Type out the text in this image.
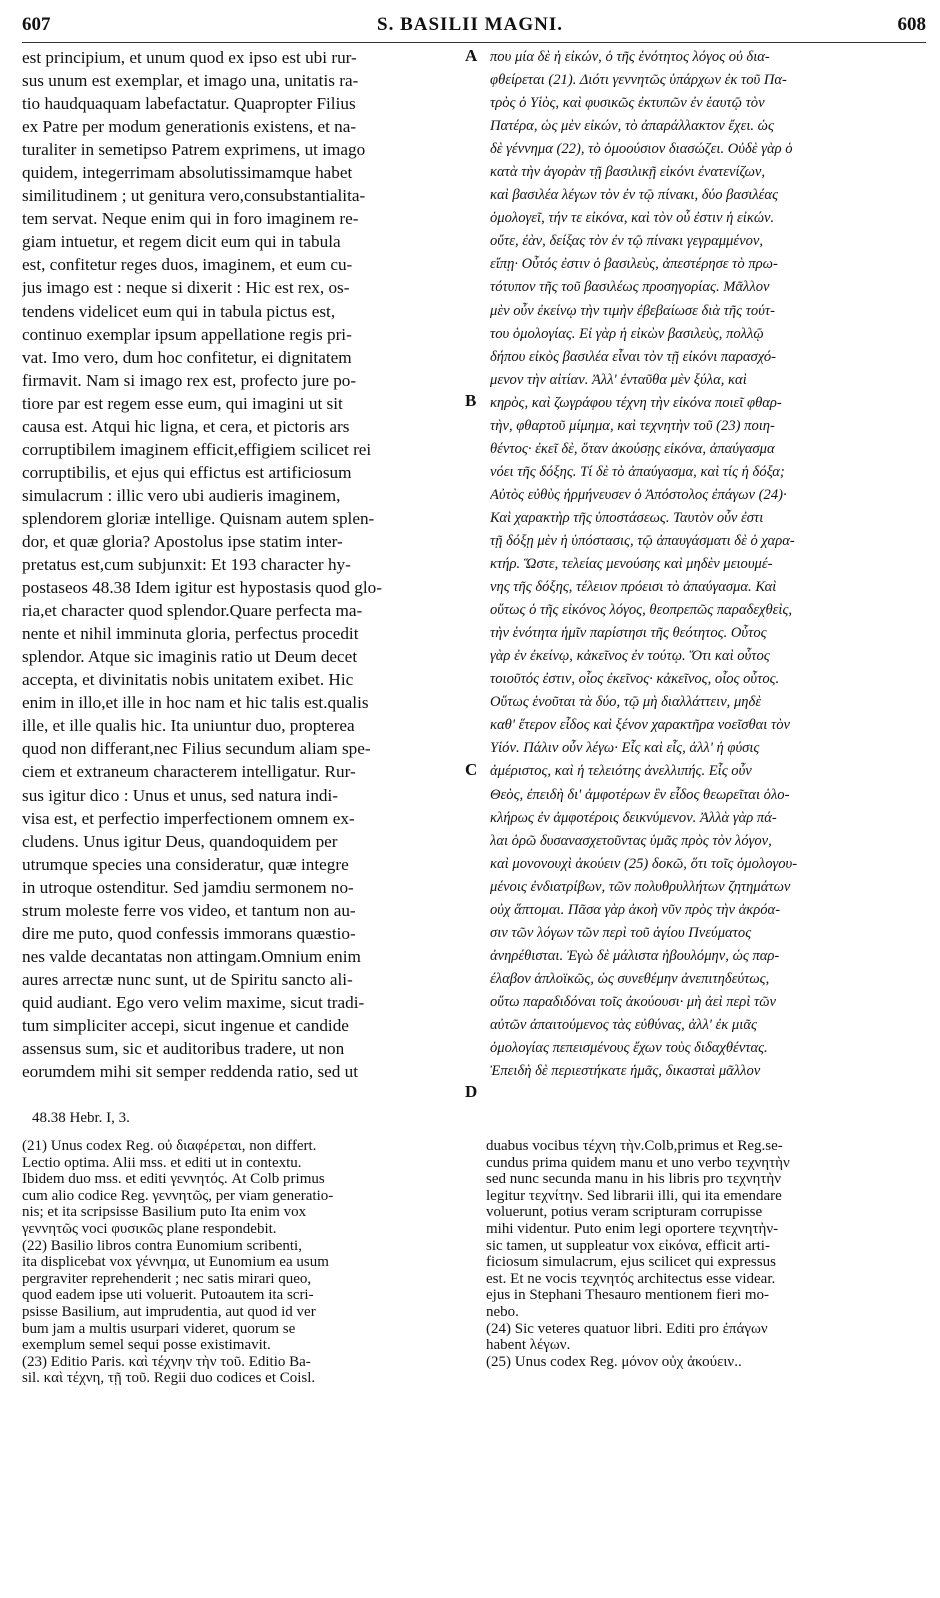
607	S. BASILII MAGNI.	608
est principium, et unum quod ex ipso est ubi rur-
sus unum est exemplar, et imago una, unitatis ra-
tio haudquaquam labefactatur. Quapropter Filius
ex Patre per modum generationis existens, et na-
turaliter in semetipso Patrem exprimens, ut imago
quidem, integerrimam absolutissimamque habet
similitudinem ; ut genitura vero,consubstantialita-
tem servat. Neque enim qui in foro imaginem re-
giam intuetur, et regem dicit eum qui in tabula
est, confitetur reges duos, imaginem, et eum cu-
jus imago est : neque si dixerit : Hic est rex, os-
tendens videlicet eum qui in tabula pictus est,
continuo exemplar ipsum appellatione regis pri-
vat. Imo vero, dum hoc confitetur, ei dignitatem
firmavit. Nam si imago rex est, profecto jure po-
tiore par est regem esse eum, qui imagini ut sit
causa est. Atqui hic ligna, et cera, et pictoris ars
corruptibilem imaginem efficit,effigiem scilicet rei
corruptibilis, et ejus qui effictus est artificiosum
simulacrum : illic vero ubi audieris imaginem,
splendorem gloriæ intellige. Quisnam autem splen-
dor, et quæ gloria? Apostolus ipse statim inter-
pretatus est,cum subjunxit: Et 193 character hy-
postaseos 48.38 Idem igitur est hypostasis quod glo-
ria,et character quod splendor.Quare perfecta ma-
nente et nihil imminuta gloria, perfectus procedit
splendor. Atque sic imaginis ratio ut Deum decet
accepta, et divinitatis nobis unitatem exibet. Hic
enim in illo,et ille in hoc nam et hic talis est.qualis
ille, et ille qualis hic. Ita uniuntur duo, propterea
quod non differant,nec Filius secundum aliam spe-
ciem et extraneum characterem intelligatur. Rur-
sus igitur dico : Unus et unus, sed natura indi-
visa est, et perfectio imperfectionem omnem ex-
cludens. Unus igitur Deus, quandoquidem per
utrumque species una consideratur, quæ integre
in utroque ostenditur. Sed jamdiu sermonem no-
strum moleste ferre vos video, et tantum non au-
dire me puto, quod confessis immorans quæstio-
nes valde decantatas non attingam.Omnium enim
aures arrectæ nunc sunt, ut de Spiritu sancto ali-
quid audiant. Ego vero velim maxime, sicut tradi-
tum simpliciter accepi, sicut ingenue et candide
assensus sum, sic et auditoribus tradere, ut non
eorumdem mihi sit semper reddenda ratio, sed ut
που μία δὲ ἡ εἰκών, ὁ τῆς ἑνότητος λόγος οὐ δια-
φθείρεται (21). Διότι γεννητῶς ὑπάρχων ἐκ τοῦ Πα-
τρὸς ὁ Υἱὸς, καὶ φυσικῶς ἐκτυπῶν ἐν ἑαυτῷ τὸν
Πατέρα, ὡς μὲν εἰκών, τὸ ἀπαράλλακτον ἔχει. ὡς
δὲ γέννημα (22), τὸ ὁμοούσιον διασώζει. Οὐδὲ γὰρ ὁ
κατὰ τὴν ἀγορὰν τῇ βασιλικῇ εἰκόνι ἐνατενίζων,
καὶ βασιλέα λέγων τὸν ἐν τῷ πίνακι, δύο βασιλέας
ὁμολογεῖ, τήν τε εἰκόνα, καὶ τὸν οὗ ἐστιν ἡ εἰκών.
οὔτε, ἐὰν, δείξας τὸν ἐν τῷ πίνακι γεγραμμένον,
εἴπῃ· Οὗτός ἐστιν ὁ βασιλεὺς, ἀπεστέρησε τὸ πρω-
τότυπον τῆς τοῦ βασιλέως προσηγορίας. Μᾶλλον
μὲν οὖν ἐκείνῳ τὴν τιμὴν ἐβεβαίωσε διὰ τῆς τούτ-
του ὁμολογίας. Εἰ γὰρ ἡ εἰκὼν βασιλεὺς, πολλῷ
δήπου εἰκὸς βασιλέα εἶναι τὸν τῇ εἰκόνι παρασχό-
μενον τὴν αἰτίαν. Ἀλλ' ἐνταῦθα μὲν ξύλα, καὶ
κηρὸς, καὶ ζωγράφου τέχνη τὴν εἰκόνα ποιεῖ φθαρ-
τὴν, φθαρτοῦ μίμημα, καὶ τεχνητὴν τοῦ (23) ποιη-
θέντος· ἐκεῖ δὲ, ὅταν ἀκούσῃς εἰκόνα, ἀπαύγασμα
νόει τῆς δόξης. Τί δὲ τὸ ἀπαύγασμα, καὶ τίς ἡ δόξα;
Αὐτὸς εὐθὺς ἡρμήνευσεν ὁ Ἀπόστολος ἐπάγων (24)·
Καὶ χαρακτὴρ τῆς ὑποστάσεως. Ταυτὸν οὖν ἐστι
τῇ δόξῃ μὲν ἡ ὑπόστασις, τῷ ἀπαυγάσματι δὲ ὁ χαρα-
κτήρ. Ὥστε, τελείας μενούσης καὶ μηδὲν μειουμέ-
νης τῆς δόξης, τέλειον πρόεισι τὸ ἀπαύγασμα. Καὶ
οὕτως ὁ τῆς εἰκόνος λόγος, θεοπρεπῶς παραδεχθεὶς,
τὴν ἑνότητα ἡμῖν παρίστησι τῆς θεότητος. Οὗτος
γὰρ ἐν ἐκείνῳ, κἀκεῖνος ἐν τούτῳ. Ὅτι καὶ οὗτος
τοιοῦτός ἐστιν, οἷος ἐκεῖνος· κἀκεῖνος, οἷος οὗτος.
Οὕτως ἑνοῦται τὰ δύο, τῷ μὴ διαλλάττειν, μηδὲ
καθ' ἕτερον εἶδος καὶ ξένον χαρακτῆρα νοεῖσθαι τὸν
Υἱόν. Πάλιν οὖν λέγω· Εἷς καὶ εἷς, ἀλλ' ἡ φύσις
ἀμέριστος, καὶ ἡ τελειότης ἀνελλιπής. Εἷς οὖν
Θεὸς, ἐπειδὴ δι' ἀμφοτέρων ἓν εἶδος θεωρεῖται ὁλο-
κλήρως ἐν ἀμφοτέροις δεικνύμενον. Ἀλλὰ γὰρ πά-
λαι ὁρῶ δυσανασχετοῦντας ὑμᾶς πρὸς τὸν λόγον,
καὶ μονονουχὶ ἀκούειν (25) δοκῶ, ὅτι τοῖς ὁμολογου-
μένοις ἐνδιατρίβων, τῶν πολυθρυλλήτων ζητημάτων
οὐχ ἅπτομαι. Πᾶσα γὰρ ἀκοὴ νῦν πρὸς τὴν ἀκρόα-
σιν τῶν λόγων τῶν περὶ τοῦ ἁγίου Πνεύματος
ἀνηρέθισται. Ἐγὼ δὲ μάλιστα ἠβουλόμην, ὡς παρ-
έλαβον ἁπλοϊκῶς, ὡς συνεθέμην ἀνεπιτηδεύτως,
οὕτω παραδιδόναι τοῖς ἀκούουσι· μὴ ἀεὶ περὶ τῶν
αὐτῶν ἀπαιτούμενος τὰς εὐθύνας, ἀλλ' ἐκ μιᾶς
ὁμολογίας πεπεισμένους ἔχων τοὺς διδαχθέντας.
Ἐπειδὴ δὲ περιεστήκατε ἡμᾶς, δικασταὶ μᾶλλον
A
B
C
D
48.38 Hebr. I, 3.
(21) Unus codex Reg. οὐ διαφέρεται, non differt.
Lectio optima. Alii mss. et editi ut in contextu.
Ibidem duo mss. et editi γεννητός. At Colb primus
cum alio codice Reg. γεννητῶς, per viam generatio-
nis; et ita scripsisse Basilium puto Ita enim vox
γεννητῶς voci φυσικῶς plane respondebit.
(22) Basilio libros contra Eunomium scribenti,
ita displicebat vox γέννημα, ut Eunomium ea usum
pergraviter reprehenderit ; nec satis mirari queo,
quod eadem ipse uti voluerit. Putoautem ita scri-
psisse Basilium, aut imprudentia, aut quod id ver
bum jam a multis usurpari videret, quorum se
exemplum semel sequi posse existimavit.
(23) Editio Paris. καὶ τέχνην τὴν τοῦ. Editio Ba-
sil. καὶ τέχνη, τῇ τοῦ. Regii duo codices et Coisl.
duabus vocibus τέχνη τὴν.Colb,primus et Reg.se-
cundus prima quidem manu et uno verbo τεχνητὴν
sed nunc secunda manu in his libris pro τεχνητὴν
legitur τεχνίτην. Sed librarii illi, qui ita emendare
voluerunt, potius veram scripturam corrupisse
mihi videntur. Puto enim legi oportere τεχνητὴν-
sic tamen, ut suppleatur vox εἰκόνα, efficit arti-
ficiosum simulacrum, ejus scilicet qui expressus
est. Et ne vocis τεχνητός architectus esse videar.
ejus in Stephani Thesauro mentionem fieri mo-
nebo.
(24) Sic veteres quatuor libri. Editi pro ἐπάγων
habent λέγων.
(25) Unus codex Reg. μόνον οὐχ ἀκούειν..
